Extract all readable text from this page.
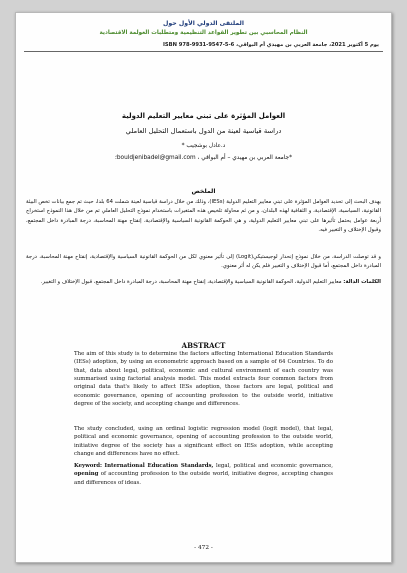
الملتقى الدولي الأول حول
النظام المحاسبي بين تطوير القواعد التنظيمية ومتطلبات العولمة الاقتصادية
يوم 5 أكتوبر 2021، جامعة العربي بن مهيدي أم البواقي، ISBN 978-9931-9547-5-6
العوامل المؤثرة على تبني معايير التعليم الدولية
دراسة قياسية لعينة من الدول باستعمال التحليل العاملي
د.عادل بوشجيب *
*جامعة العربي بن مهيدي – أم البواقي ، bouldjenibadel@gmail.com؛
الملخص
يهدف البحث إلى تحديد العوامل المؤثرة على تبني معايير التعليم الدولية (IESs)، وذلك من خلال دراسة قياسية لعينة شملت 64 بلدا، حيث تم جمع بيانات تخص البيئة القانونية، السياسية، الإقتصادية، و الثقافية لهذه البلدان، و من ثم محاولة تلخيص هذه المتغيرات باستخدام نموذج التحليل العاملي تم من خلال هذا النموذج استخراج أربعة عوامل يحتمل تأثيرها على تبني معايير التعليم الدولية، و هي الحوكمة القانونية السياسية والإقتصادية، إنفتاح مهنة المحاسبة، درجة المبادرة داخل المجتمع، وقبول الإختلاف و التغيير فيه.
و قد توصلت الدراسة، من خلال نموذج إنحدار لوجيستيكي(Logit) إلى تأثير معنوي لكل من الحوكمة القانونية السياسية والإقتصادية، إنفتاح مهنة المحاسبة، درجة المبادرة داخل المجتمع، أما قبول الإختلاف و التغيير فلم يكن له أثر معنوي.
الكلمات الدالة: معايير التعليم الدولية، الحوكمة القانونية السياسية والإقتصادية، إنفتاح مهنة المحاسبة، درجة المبادرة داخل المجتمع، قبول الإختلاف و التغيير.
ABSTRACT
The aim of this study is to determine the factors affecting International Education Standards (IESs) adoption, by using an econometric approach based on a sample of 64 Countries. To do that, data about legal, political, economic and cultural environment of each country was summarised using factorial analysis model. This model extracts four common factors from original data that's likely to affect IESs adoption, those factors are legal, political and economic governance, opening of accounting profession to the outside world, initiative degree of the society, and accepting change and differences.
The study concluded, using an ordinal logistic regression model (logit model), that legal, political and economic governance, opening of accounting profession to the outside world, initiative degree of the society has a significant effect on IESs adoption, while accepting change and differences have no effect.
Keyword: International Education Standards, legal, political and economic governance, opening of accounting profession to the outside world, initiative degree, accepting changes and differences of ideas.
- 472 -
